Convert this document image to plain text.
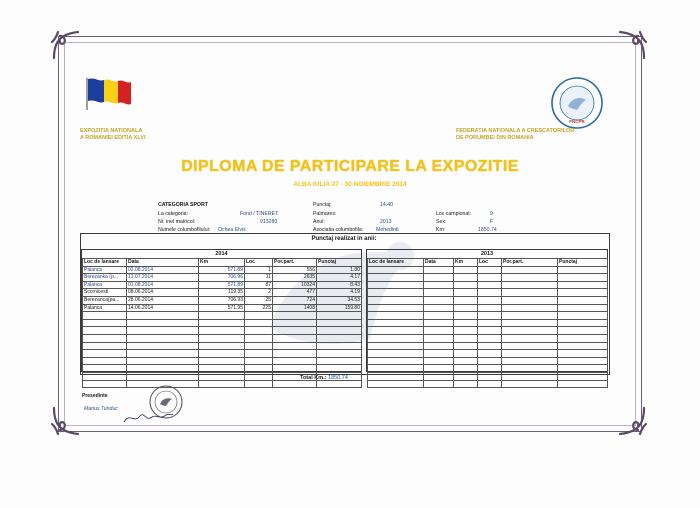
FNCPR
EXPOZITIA NATIONALA
A ROMANIEI EDITIA XLVI
FEDERATIA NATIONALA A CRESCATORILOR
DE PORUMBEI DIN ROMANIA
DIPLOMA DE PARTICIPARE LA EXPOZITIE
ALBA IULIA 27 - 30 NOIEMBRIE 2014
CATEGORIA SPORT
La categoria:	Fond / TINERET
Nr. inel matricol:	913280
Numele columbofilului: Ochea Elvis
Punctaj:	14.40
Palmares:
Anul:	2013
Asociatia columbofila: Mehedinti
Loc campionat:	9
Sex:	F
Km:	1850.74
Punctaj realizat in anii:
2014
Loc de lansare	Data	Km	Loc	Por.part.	Punctaj
Palanca	02.08.2014	571.89	1	556	1.80
Berezanka (p...	13.07.2014	706.96	11	2635	4.17
Palanca	01.08.2014	571.89	87	10324	8.43
Sccrnicesti	08.06.2014	119.35	2	477	4.19
Berezanca(pa...	28.06.2014	706.93	25	724	34.53
Palanca	14.06.2014	571.95	225	1408	159.80

2013
Loc de lansare	Data	Km	Loc	Por.part.	Punctaj

Total Km.: 1850.74
Presedinte
Marius Tunduc
